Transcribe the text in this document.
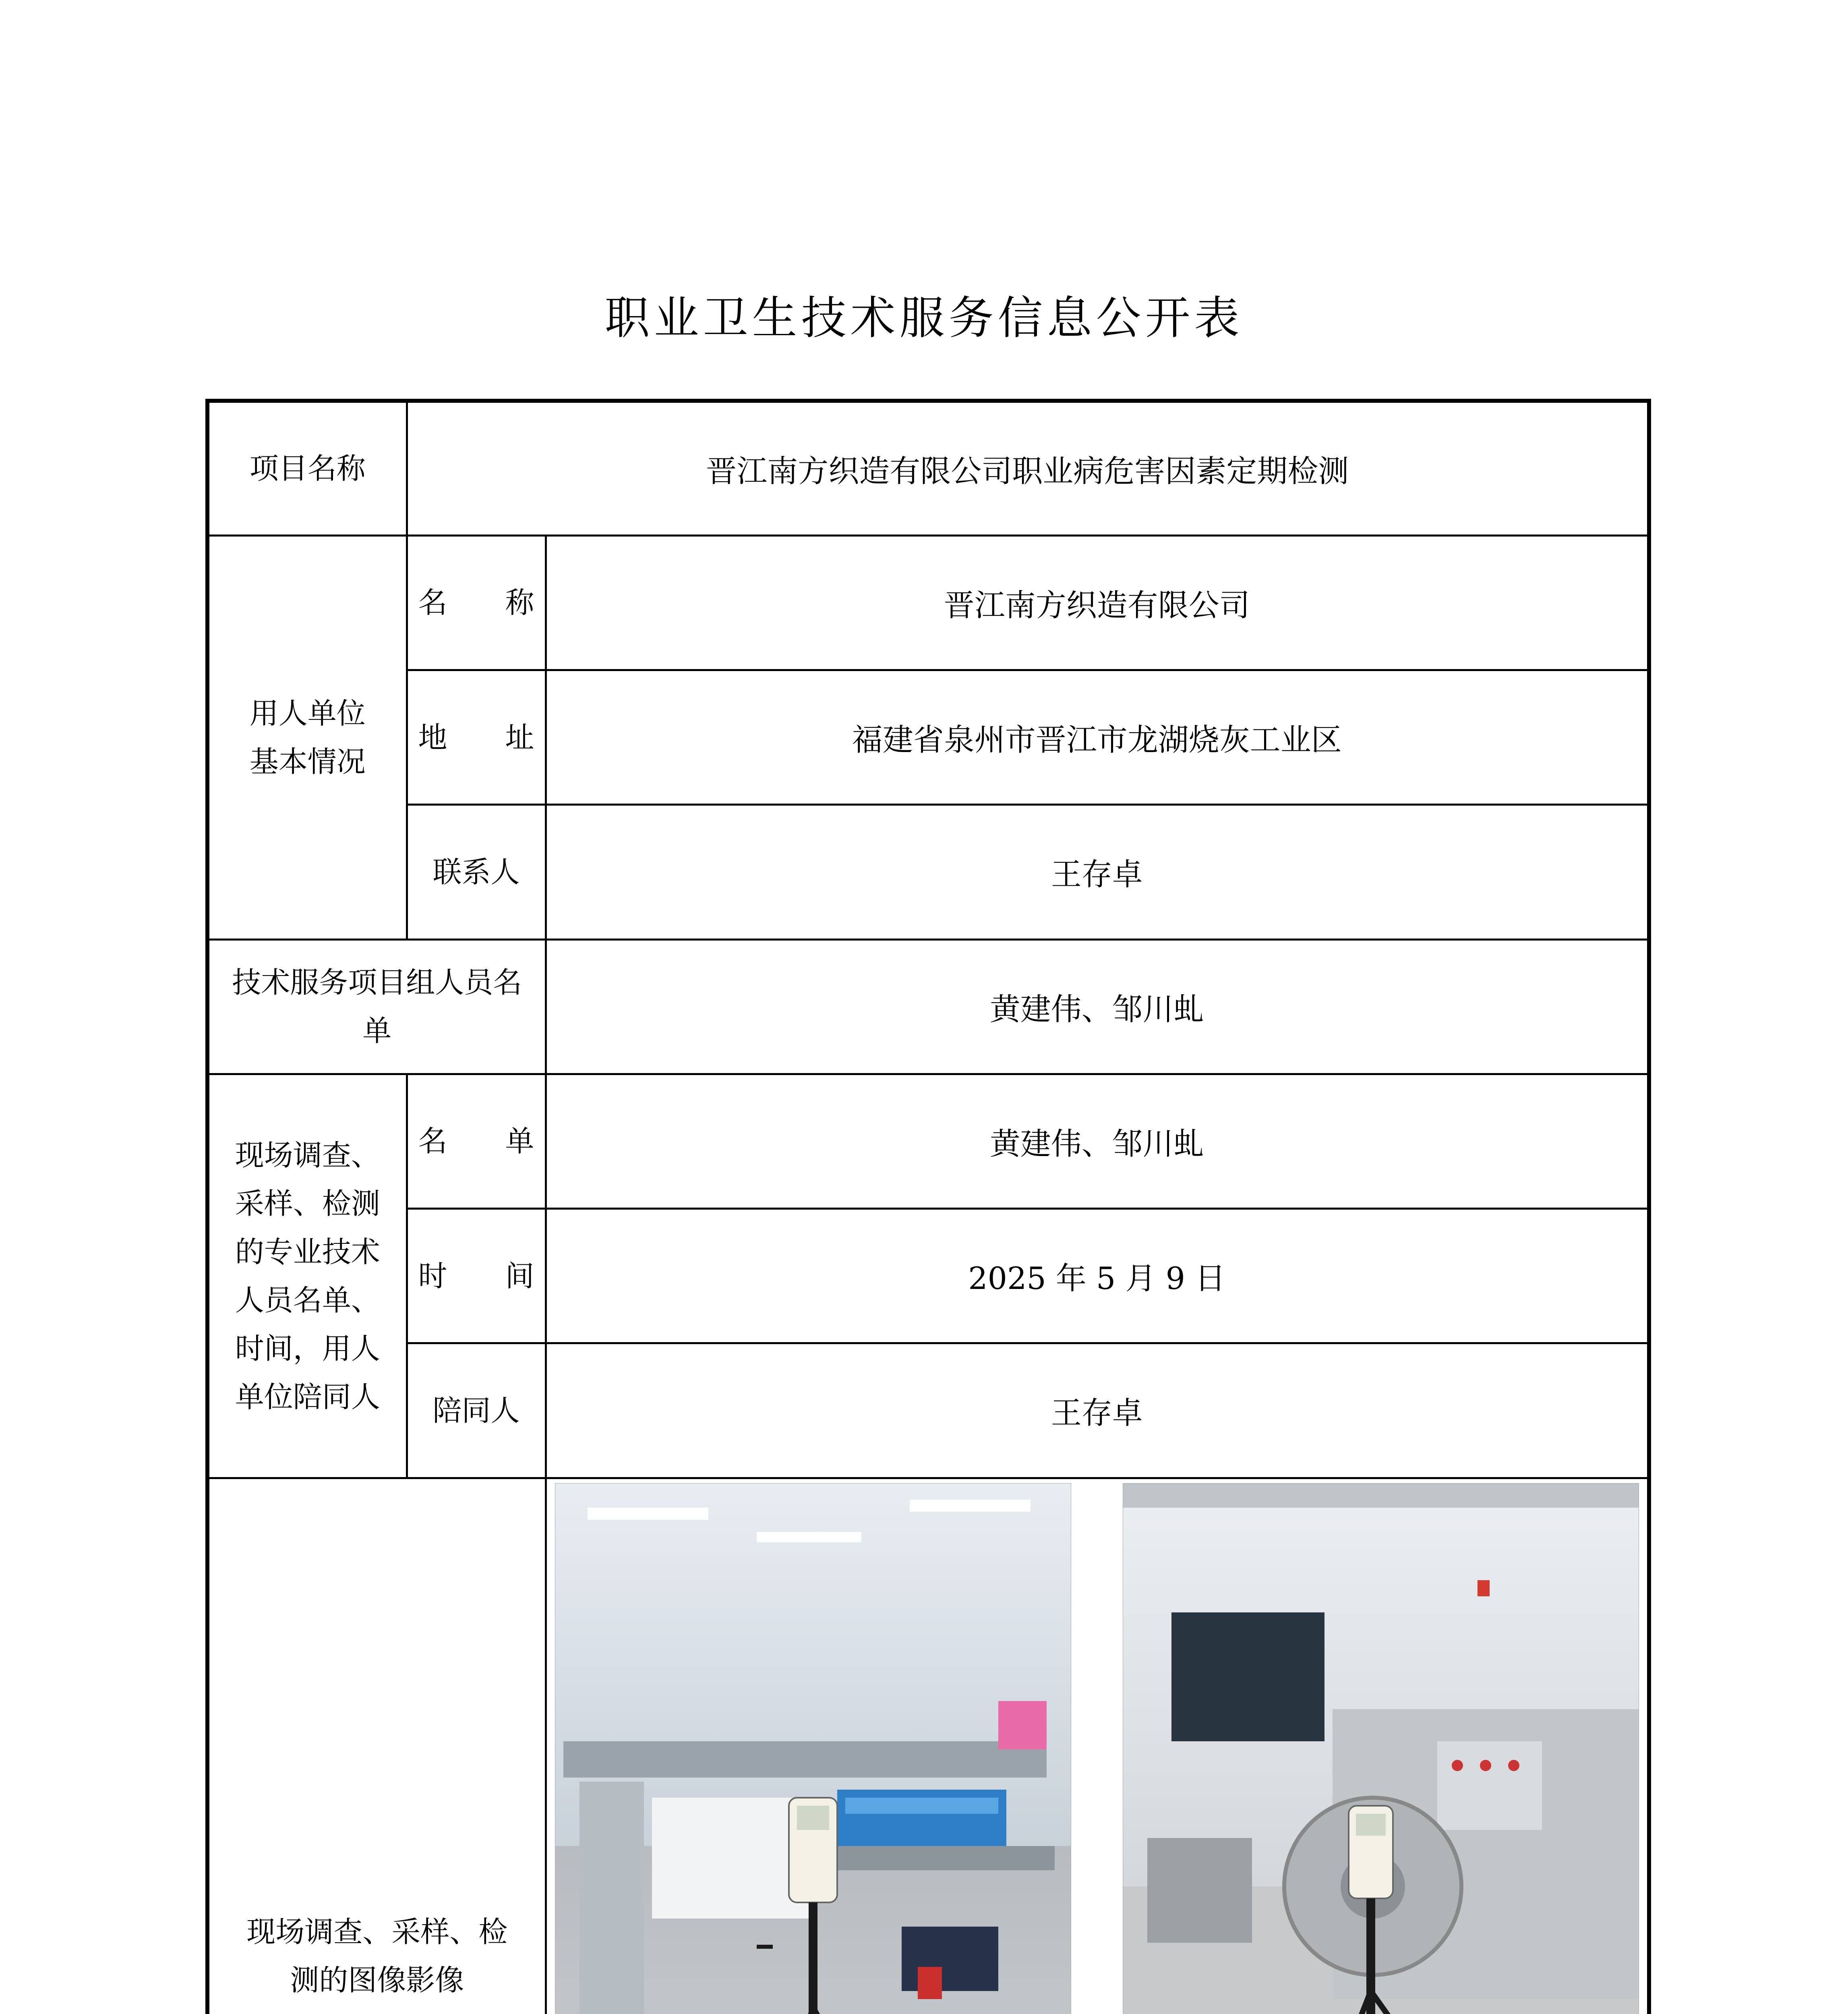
职业卫生技术服务信息公开表
项目名称	晋江南方织造有限公司职业病危害因素定期检测	
用人单位
基本情况	名　　称	晋江南方织造有限公司
	地　　址	福建省泉州市晋江市龙湖烧灰工业区
	联系人	王存卓
技术服务项目组人员名单		黄建伟、邹川虬
现场调查、采样、检测的专业技术人员名单、时间，用人单位陪同人	名　　单	黄建伟、邹川虬
	时　　间	2025 年 5 月 9 日
	陪同人	王存卓
现场调查、采样、检测的图像影像	
